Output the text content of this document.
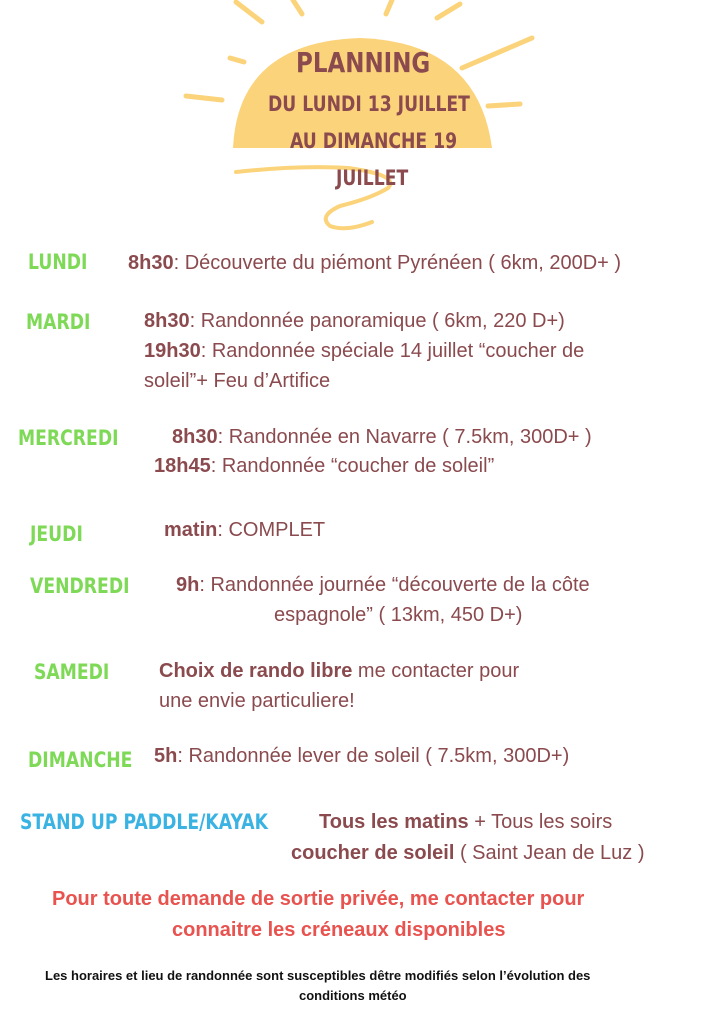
PLANNING
DU LUNDI 13 JUILLET
AU DIMANCHE 19
JUILLET
LUNDI 8h30: Découverte du piémont Pyrénéen ( 6km, 200D+ )
MARDI	8h30: Randonnée panoramique ( 6km, 220 D+)
19h30: Randonnée spéciale 14 juillet “coucher de
soleil”+ Feu d’Artifice
MERCREDI	8h30: Randonnée en Navarre ( 7.5km, 300D+ )
18h45: Randonnée “coucher de soleil”
JEUDI	matin: COMPLET
VENDREDI 9h: Randonnée journée “découverte de la côte
espagnole” ( 13km, 450 D+)
SAMEDI Choix de rando libre me contacter pour
une envie particuliere!
DIMANCHE 5h: Randonnée lever de soleil ( 7.5km, 300D+)
STAND UP PADDLE/KAYAK	Tous les matins + Tous les soirs
coucher de soleil ( Saint Jean de Luz )
Pour toute demande de sortie privée, me contacter pour
connaitre les créneaux disponibles
Les horaires et lieu de randonnée sont susceptibles dêtre modifiés selon l’évolution des
conditions météo
